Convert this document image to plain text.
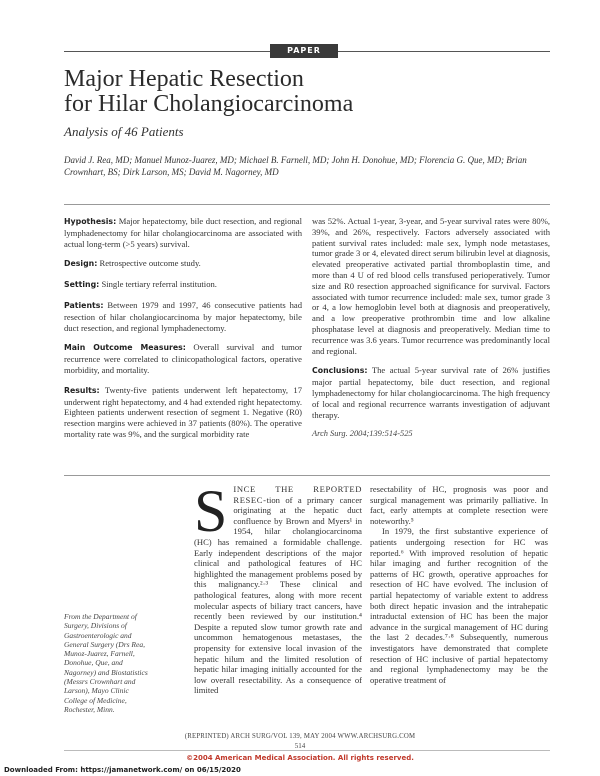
PAPER
Major Hepatic Resection
for Hilar Cholangiocarcinoma
Analysis of 46 Patients
David J. Rea, MD; Manuel Munoz-Juarez, MD; Michael B. Farnell, MD; John H. Donohue, MD; Florencia G. Que, MD; Brian Crownhart, BS; Dirk Larson, MS; David M. Nagorney, MD

Hypothesis: Major hepatectomy, bile duct resection, and regional lymphadenectomy for hilar cholangiocarcinoma are associated with actual long-term (>5 years) survival.

Design: Retrospective outcome study.

Setting: Single tertiary referral institution.

Patients: Between 1979 and 1997, 46 consecutive patients had resection of hilar cholangiocarcinoma by major hepatectomy, bile duct resection, and regional lymphadenectomy.

Main Outcome Measures: Overall survival and tumor recurrence were correlated to clinicopathological factors, operative morbidity, and mortality.

Results: Twenty-five patients underwent left hepatectomy, 17 underwent right hepatectomy, and 4 had extended right hepatectomy. Eighteen patients underwent resection of segment 1. Negative (R0) resection margins were achieved in 37 patients (80%). The operative mortality rate was 9%, and the surgical morbidity rate

was 52%. Actual 1-year, 3-year, and 5-year survival rates were 80%, 39%, and 26%, respectively. Factors adversely associated with patient survival rates included: male sex, lymph node metastases, tumor grade 3 or 4, elevated direct serum bilirubin level at diagnosis, elevated preoperative activated partial thromboplastin time, and more than 4 U of red blood cells transfused perioperatively. Tumor size and R0 resection approached significance for survival. Factors associated with tumor recurrence included: male sex, tumor grade 3 or 4, a low hemoglobin level both at diagnosis and preoperatively, and a low preoperative prothrombin time and low alkaline phosphatase level at diagnosis and preoperatively. Median time to recurrence was 3.6 years. Tumor recurrence was predominantly local and regional.

Conclusions: The actual 5-year survival rate of 26% justifies major partial hepatectomy, bile duct resection, and regional lymphadenectomy for hilar cholangiocarcinoma. The high frequency of local and regional recurrence warrants investigation of adjuvant therapy.

Arch Surg. 2004;139:514-525

SINCE THE REPORTED RESEC-tion of a primary cancer originating at the hepatic duct confluence by Brown and Myers¹ in 1954, hilar cholangiocarcinoma (HC) has remained a formidable challenge. Early independent descriptions of the major clinical and pathological features of HC highlighted the management problems posed by this malignancy.²·³ These clinical and pathological features, along with more recent molecular aspects of biliary tract cancers, have recently been reviewed by our institution.⁴ Despite a reputed slow tumor growth rate and uncommon hematogenous metastases, the propensity for extensive local invasion of the hepatic hilum and the limited resolution of hepatic hilar imaging initially accounted for the low overall resectability. As a consequence of limited

resectability of HC, prognosis was poor and surgical management was primarily palliative. In fact, early attempts at complete resection were noteworthy.⁵

In 1979, the first substantive experience of patients undergoing resection for HC was reported.⁶ With improved resolution of hepatic hilar imaging and further recognition of the patterns of HC growth, operative approaches for resection of HC have evolved. The inclusion of partial hepatectomy of variable extent to address both direct hepatic invasion and the intrahepatic intraductal extension of HC has been the major advance in the surgical management of HC during the last 2 decades.⁷·⁸ Subsequently, numerous investigators have demonstrated that complete resection of HC inclusive of partial hepatectomy and regional lymphadenectomy may be the operative treatment of

From the Department of Surgery, Divisions of Gastroenterologic and General Surgery (Drs Rea, Munoz-Juarez, Farnell, Donohue, Que, and Nagorney) and Biostatistics (Messrs Crownhart and Larson), Mayo Clinic College of Medicine, Rochester, Minn.
(REPRINTED) ARCH SURG/VOL 139, MAY 2004 WWW.ARCHSURG.COM
514
©2004 American Medical Association. All rights reserved.
Downloaded From: https://jamanetwork.com/ on 06/15/2020
